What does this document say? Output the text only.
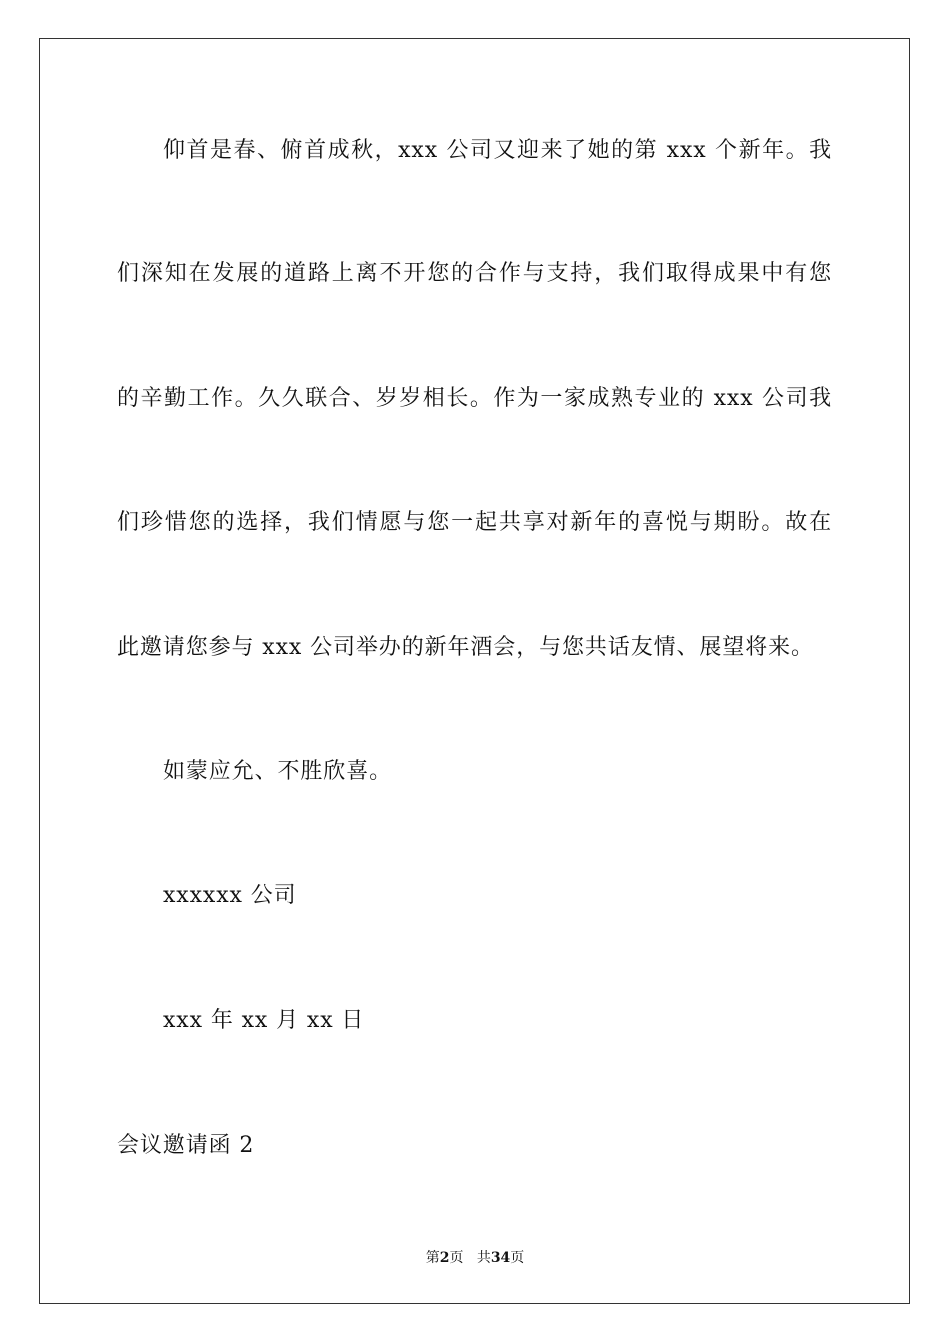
仰首是春、俯首成秋，xxx 公司又迎来了她的第 xxx 个新年。我
们深知在发展的道路上离不开您的合作与支持，我们取得成果中有您
的辛勤工作。久久联合、岁岁相长。作为一家成熟专业的 xxx 公司我
们珍惜您的选择，我们情愿与您一起共享对新年的喜悦与期盼。故在
此邀请您参与 xxx 公司举办的新年酒会，与您共话友情、展望将来。
如蒙应允、不胜欣喜。
xxxxxx 公司
xxx 年 xx 月 xx 日
会议邀请函 2
第2页 共34页
